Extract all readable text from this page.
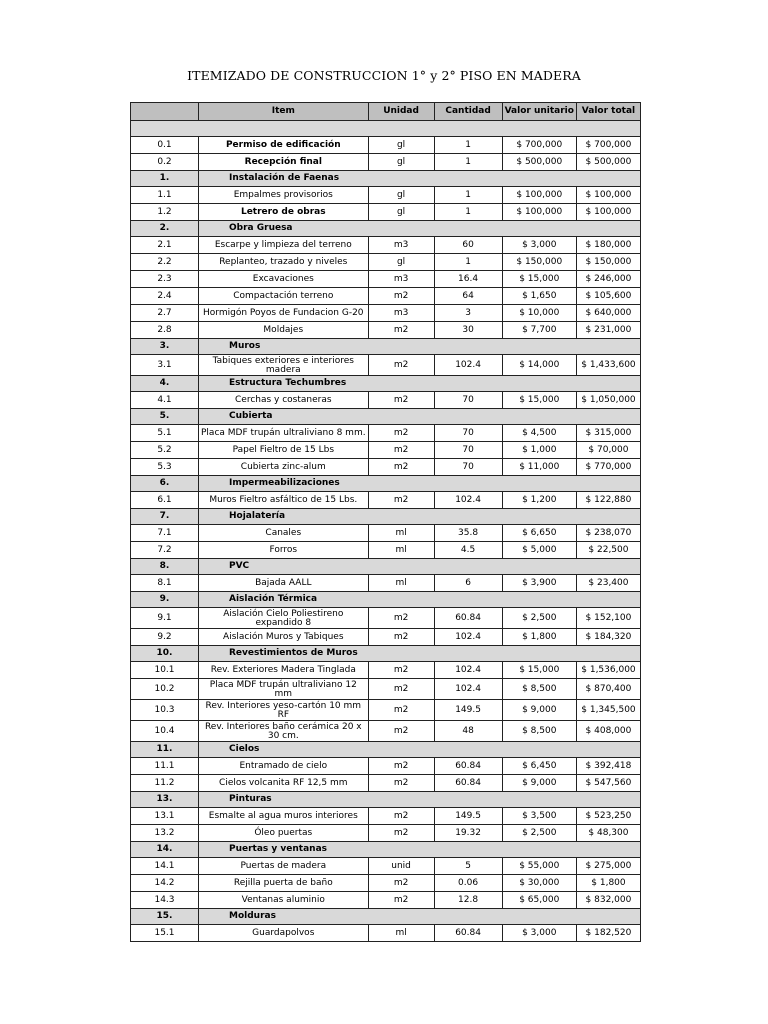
ITEMIZADO DE CONSTRUCCION 1° y 2° PISO EN MADERA
	Item	Unidad	Cantidad	Valor unitario	Valor total

0.1	Permiso de edificación	gl	1	$ 700,000	$ 700,000
0.2	Recepción final	gl	1	$ 500,000	$ 500,000
1.	Instalación de Faenas				
1.1	Empalmes provisorios	gl	1	$ 100,000	$ 100,000
1.2	Letrero de obras	gl	1	$ 100,000	$ 100,000
2.	Obra Gruesa				
2.1	Escarpe y limpieza del terreno	m3	60	$ 3,000	$ 180,000
2.2	Replanteo, trazado y niveles	gl	1	$ 150,000	$ 150,000
2.3	Excavaciones	m3	16.4	$ 15,000	$ 246,000
2.4	Compactación terreno	m2	64	$ 1,650	$ 105,600
2.7	Hormigón Poyos de Fundacion G-20	m3	3	$ 10,000	$ 640,000
2.8	Moldajes	m2	30	$ 7,700	$ 231,000
3.	Muros				
3.1	Tabiques exteriores e interiores madera	m2	102.4	$ 14,000	$ 1,433,600
4.	Estructura Techumbres				
4.1	Cerchas y costaneras	m2	70	$ 15,000	$ 1,050,000
5.	Cubierta				
5.1	Placa MDF trupán ultraliviano 8 mm.	m2	70	$ 4,500	$ 315,000
5.2	Papel Fieltro de 15 Lbs	m2	70	$ 1,000	$ 70,000
5.3	Cubierta zinc-alum	m2	70	$ 11,000	$ 770,000
6.	Impermeabilizaciones				
6.1	Muros Fieltro asfáltico de 15 Lbs.	m2	102.4	$ 1,200	$ 122,880
7.	Hojalatería				
7.1	Canales	ml	35.8	$ 6,650	$ 238,070
7.2	Forros	ml	4.5	$ 5,000	$ 22,500
8.	PVC				
8.1	Bajada AALL	ml	6	$ 3,900	$ 23,400
9.	Aislación Térmica				
9.1	Aislación Cielo Poliestireno expandido 8	m2	60.84	$ 2,500	$ 152,100
9.2	Aislación Muros y Tabiques	m2	102.4	$ 1,800	$ 184,320
10.	Revestimientos de Muros				
10.1	Rev. Exteriores Madera Tinglada	m2	102.4	$ 15,000	$ 1,536,000
10.2	Placa MDF trupán ultraliviano 12 mm	m2	102.4	$ 8,500	$ 870,400
10.3	Rev. Interiores yeso-cartón 10 mm RF	m2	149.5	$ 9,000	$ 1,345,500
10.4	Rev. Interiores baño cerámica 20 x 30 cm.	m2	48	$ 8,500	$ 408,000
11.	Cielos				
11.1	Entramado de cielo	m2	60.84	$ 6,450	$ 392,418
11.2	Cielos volcanita RF 12,5 mm	m2	60.84	$ 9,000	$ 547,560
13.	Pinturas				
13.1	Esmalte al agua muros interiores	m2	149.5	$ 3,500	$ 523,250
13.2	Óleo puertas	m2	19.32	$ 2,500	$ 48,300
14.	Puertas y ventanas				
14.1	Puertas de madera	unid	5	$ 55,000	$ 275,000
14.2	Rejilla puerta de baño	m2	0.06	$ 30,000	$ 1,800
14.3	Ventanas aluminio	m2	12.8	$ 65,000	$ 832,000
15.	Molduras				
15.1	Guardapolvos	ml	60.84	$ 3,000	$ 182,520
